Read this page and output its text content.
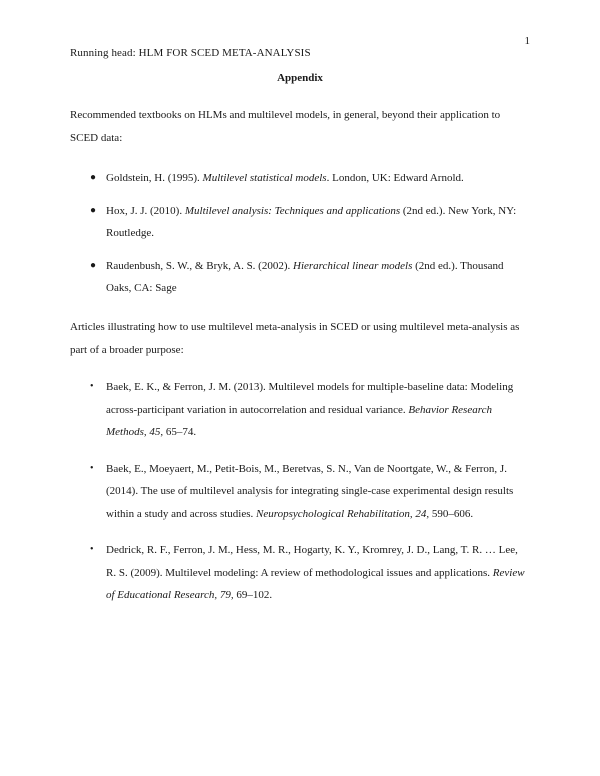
1
Running head: HLM FOR SCED META-ANALYSIS
Appendix
Recommended textbooks on HLMs and multilevel models, in general, beyond their application to SCED data:
● Goldstein, H. (1995). Multilevel statistical models. London, UK: Edward Arnold.
● Hox, J. J. (2010). Multilevel analysis: Techniques and applications (2nd ed.). New York, NY: Routledge.
● Raudenbush, S. W., & Bryk, A. S. (2002). Hierarchical linear models (2nd ed.). Thousand Oaks, CA: Sage
Articles illustrating how to use multilevel meta-analysis in SCED or using multilevel meta-analysis as part of a broader purpose:
• Baek, E. K., & Ferron, J. M. (2013). Multilevel models for multiple-baseline data: Modeling across-participant variation in autocorrelation and residual variance. Behavior Research Methods, 45, 65–74.
• Baek, E., Moeyaert, M., Petit-Bois, M., Beretvas, S. N., Van de Noortgate, W., & Ferron, J. (2014). The use of multilevel analysis for integrating single-case experimental design results within a study and across studies. Neuropsychological Rehabilitation, 24, 590–606.
• Dedrick, R. F., Ferron, J. M., Hess, M. R., Hogarty, K. Y., Kromrey, J. D., Lang, T. R. … Lee, R. S. (2009). Multilevel modeling: A review of methodological issues and applications. Review of Educational Research, 79, 69–102.
